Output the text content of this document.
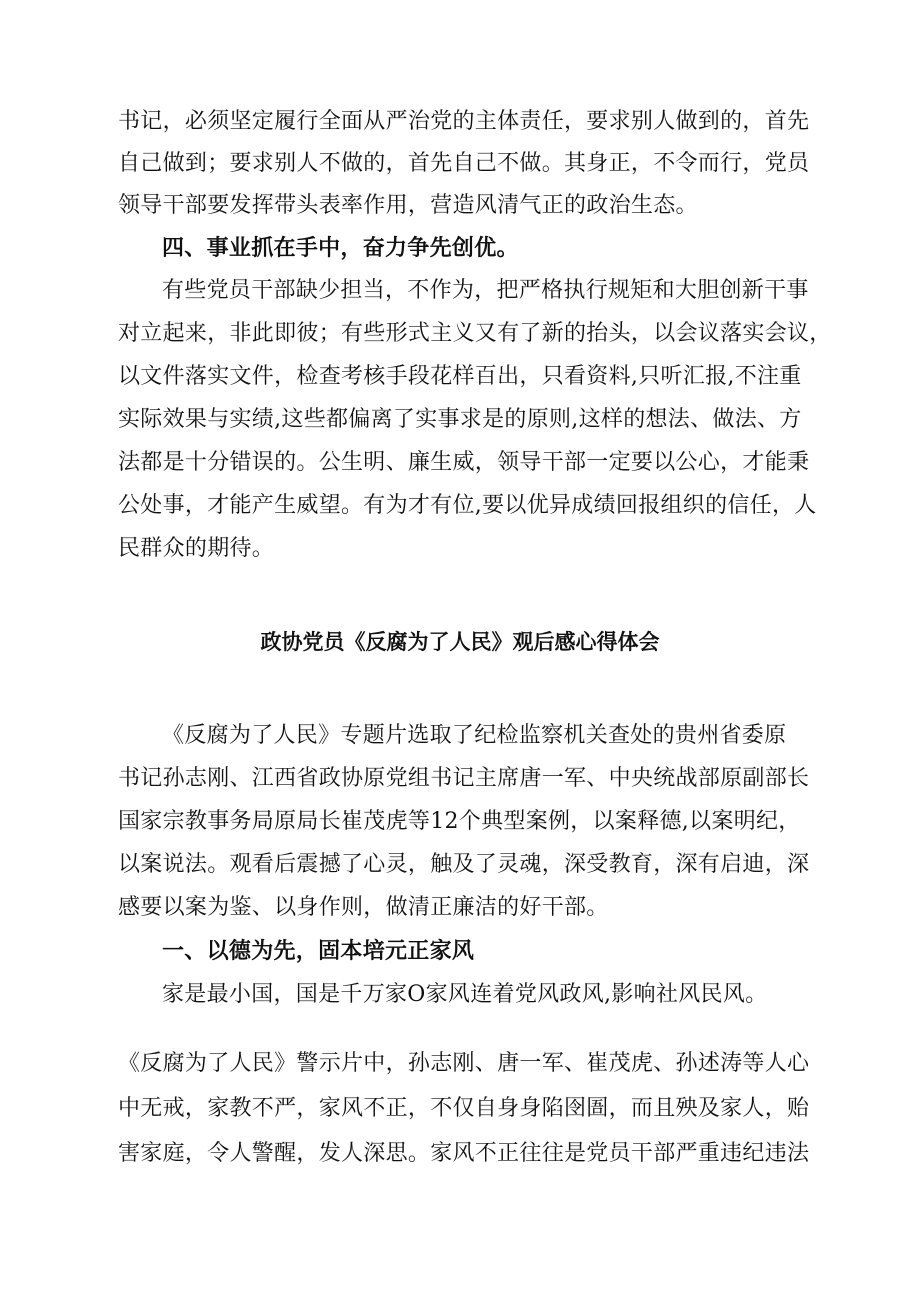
书记，必须坚定履行全面从严治党的主体责任，要求别人做到的，首先
自己做到；要求别人不做的，首先自己不做。其身正，不令而行，党员
领导干部要发挥带头表率作用，营造风清气正的政治生态。
四、事业抓在手中，奋力争先创优。
有些党员干部缺少担当，不作为，把严格执行规矩和大胆创新干事
对立起来，非此即彼；有些形式主义又有了新的抬头，以会议落实会议，
以文件落实文件，检查考核手段花样百出，只看资料,只听汇报,不注重
实际效果与实绩,这些都偏离了实事求是的原则,这样的想法、做法、方
法都是十分错误的。公生明、廉生威，领导干部一定要以公心，才能秉
公处事，才能产生威望。有为才有位,要以优异成绩回报组织的信任，人
民群众的期待。
政协党员《反腐为了人民》观后感心得体会
《反腐为了人民》专题片选取了纪检监察机关查处的贵州省委原
书记孙志刚、江西省政协原党组书记主席唐一军、中央统战部原副部长
国家宗教事务局原局长崔茂虎等12个典型案例，以案释德,以案明纪，
以案说法。观看后震撼了心灵，触及了灵魂，深受教育，深有启迪，深
感要以案为鉴、以身作则，做清正廉洁的好干部。
一、以德为先，固本培元正家风
家是最小国，国是千万家O家风连着党风政风,影响社风民风。
《反腐为了人民》警示片中，孙志刚、唐一军、崔茂虎、孙述涛等人心
中无戒，家教不严，家风不正，不仅自身身陷囹圄，而且殃及家人，贻
害家庭，令人警醒，发人深思。家风不正往往是党员干部严重违纪违法
